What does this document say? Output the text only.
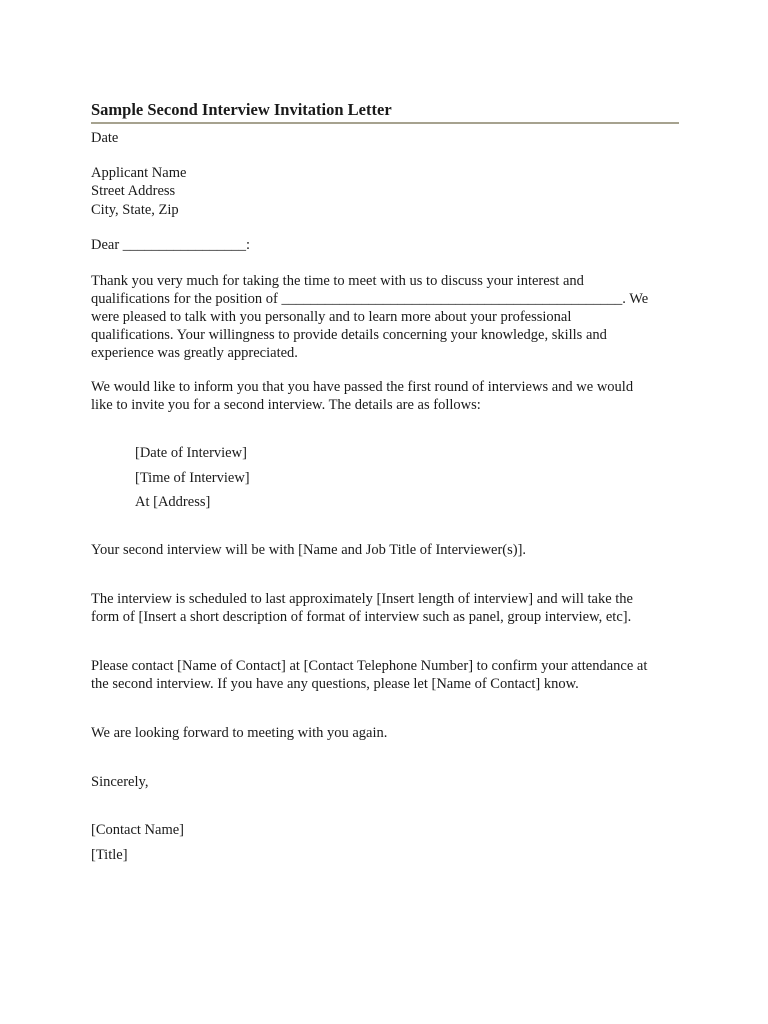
Sample Second Interview Invitation Letter
Date
Applicant Name
Street Address
City, State, Zip
Dear _________________:
Thank you very much for taking the time to meet with us to discuss your interest and
qualifications for the position of _______________________________________________. We
were pleased to talk with you personally and to learn more about your professional
qualifications. Your willingness to provide details concerning your knowledge, skills and
experience was greatly appreciated.
We would like to inform you that you have passed the first round of interviews and we would
like to invite you for a second interview. The details are as follows:
[Date of Interview]
[Time of Interview]
At [Address]
Your second interview will be with [Name and Job Title of Interviewer(s)].
The interview is scheduled to last approximately [Insert length of interview] and will take the
form of [Insert a short description of format of interview such as panel, group interview, etc].
Please contact [Name of Contact] at [Contact Telephone Number] to confirm your attendance at
the second interview. If you have any questions, please let [Name of Contact] know.
We are looking forward to meeting with you again.
Sincerely,
[Contact Name]
[Title]
